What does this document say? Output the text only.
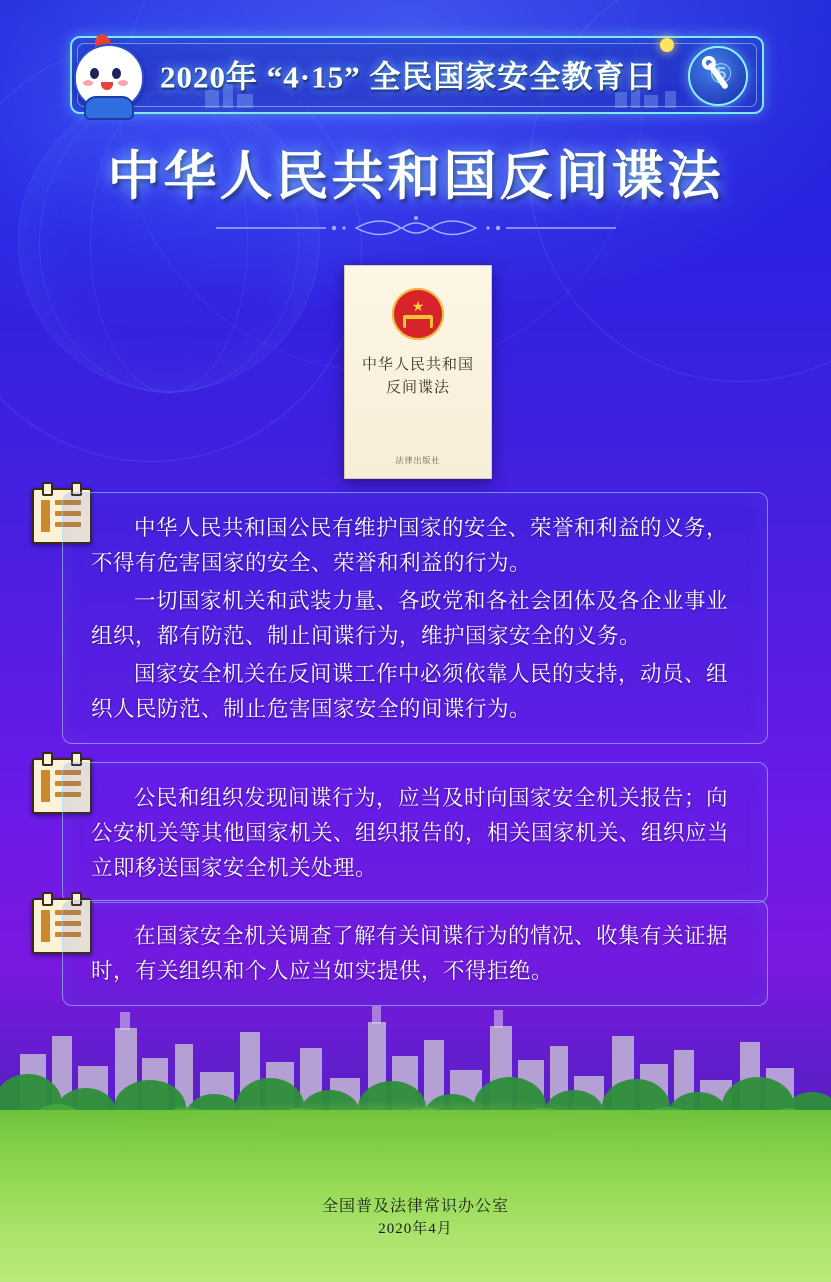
2020年 “4·15” 全民国家安全教育日
中华人民共和国反间谍法
★
中华人民共和国
反间谍法
法律出版社

中华人民共和国公民有维护国家的安全、荣誉和利益的义务，不得有危害国家的安全、荣誉和利益的行为。

一切国家机关和武装力量、各政党和各社会团体及各企业事业组织，都有防范、制止间谍行为，维护国家安全的义务。

国家安全机关在反间谍工作中必须依靠人民的支持，动员、组织人民防范、制止危害国家安全的间谍行为。

公民和组织发现间谍行为，应当及时向国家安全机关报告；向公安机关等其他国家机关、组织报告的，相关国家机关、组织应当立即移送国家安全机关处理。

在国家安全机关调查了解有关间谍行为的情况、收集有关证据时，有关组织和个人应当如实提供，不得拒绝。

全国普及法律常识办公室
2020年4月
